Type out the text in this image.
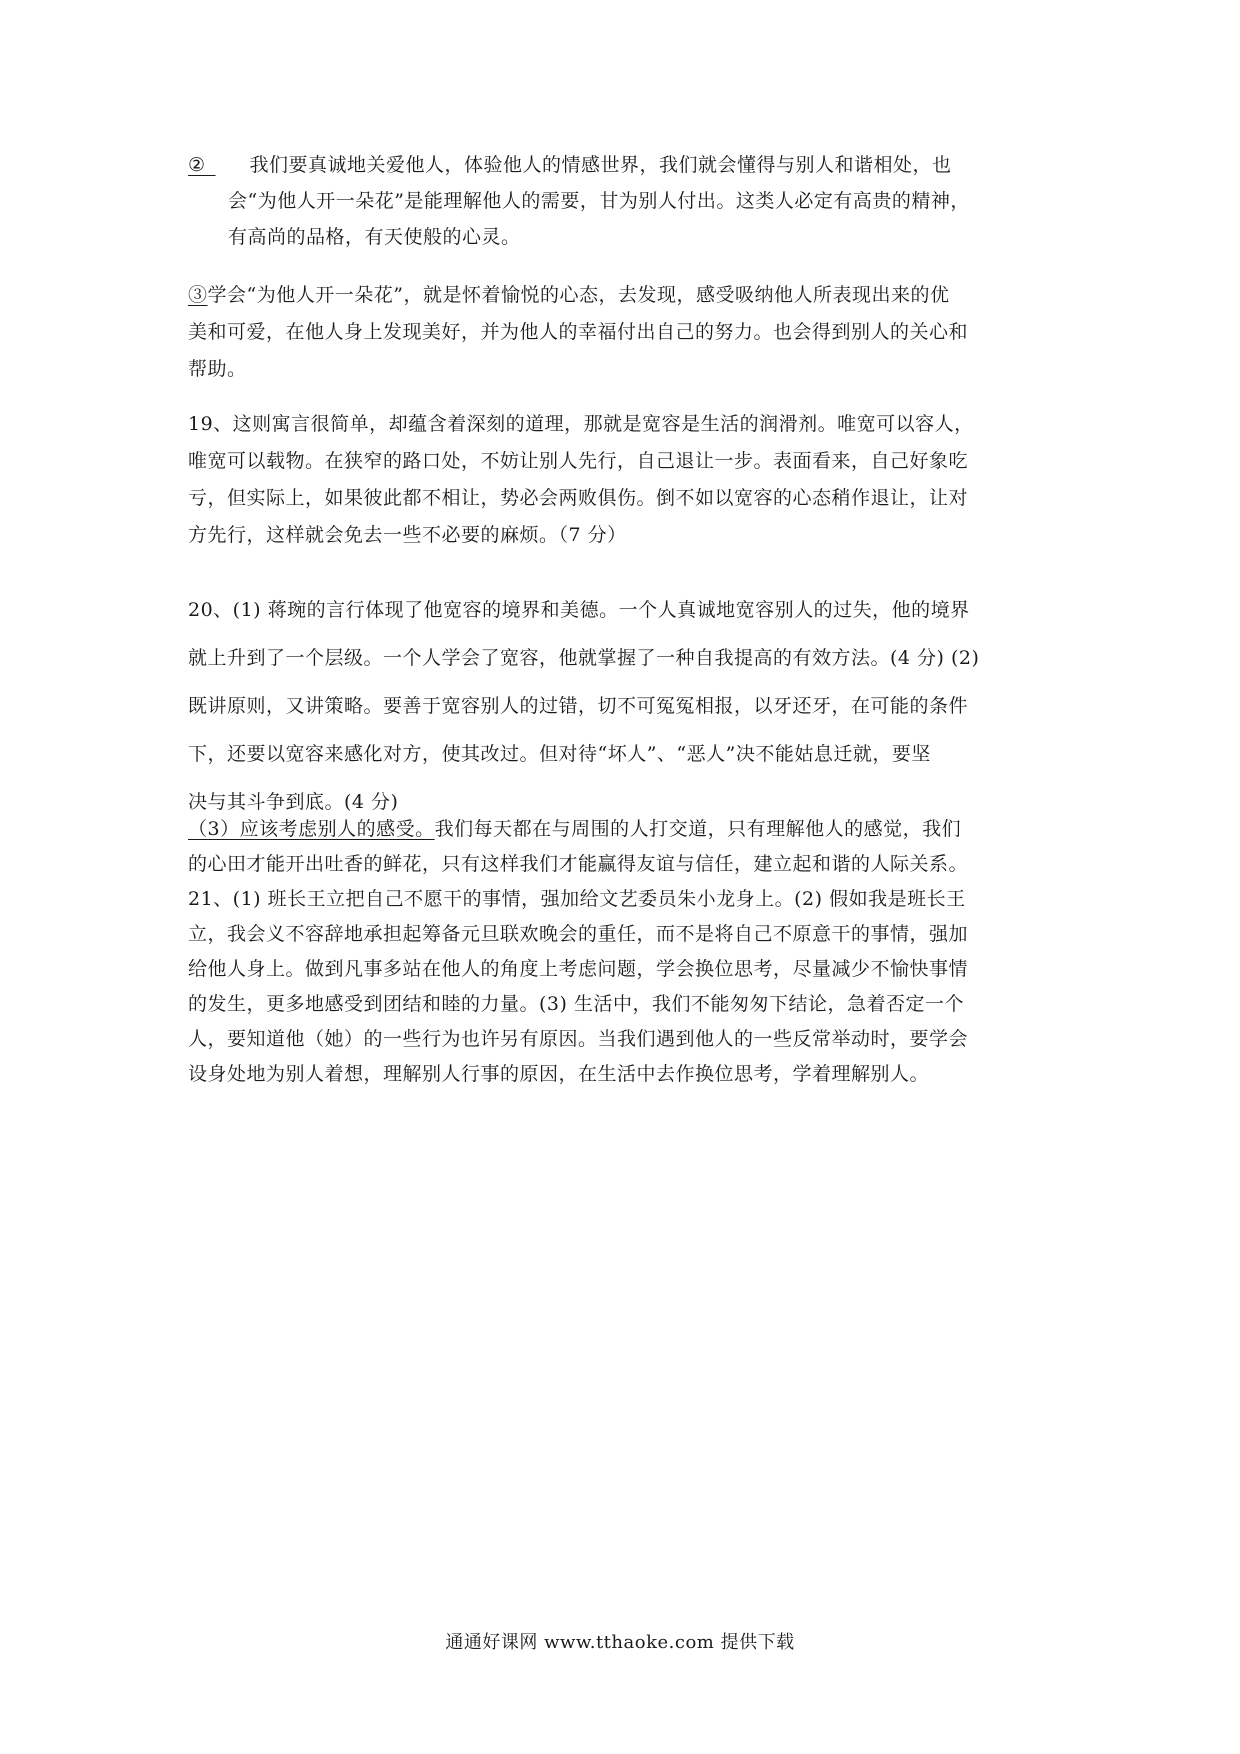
②  我们要真诚地关爱他人，体验他人的情感世界，我们就会懂得与别人和谐相处，也
会“为他人开一朵花”是能理解他人的需要，甘为别人付出。这类人必定有高贵的精神，
有高尚的品格，有天使般的心灵。
③学会“为他人开一朵花”，就是怀着愉悦的心态，去发现，感受吸纳他人所表现出来的优
美和可爱，在他人身上发现美好，并为他人的幸福付出自己的努力。也会得到别人的关心和
帮助。
19、这则寓言很简单，却蕴含着深刻的道理，那就是宽容是生活的润滑剂。唯宽可以容人，
唯宽可以载物。在狭窄的路口处，不妨让别人先行，自己退让一步。表面看来，自己好象吃
亏，但实际上，如果彼此都不相让，势必会两败俱伤。倒不如以宽容的心态稍作退让，让对
方先行，这样就会免去一些不必要的麻烦。（7 分）
20、(1) 蒋琬的言行体现了他宽容的境界和美德。一个人真诚地宽容别人的过失，他的境界
就上升到了一个层级。一个人学会了宽容，他就掌握了一种自我提高的有效方法。(4 分) (2)
既讲原则，又讲策略。要善于宽容别人的过错，切不可冤冤相报，以牙还牙，在可能的条件
下，还要以宽容来感化对方，使其改过。但对待“坏人”、“恶人”决不能姑息迁就，要坚
决与其斗争到底。(4 分)
（3）应该考虑别人的感受。我们每天都在与周围的人打交道，只有理解他人的感觉，我们
的心田才能开出吐香的鲜花，只有这样我们才能赢得友谊与信任，建立起和谐的人际关系。
21、(1) 班长王立把自己不愿干的事情，强加给文艺委员朱小龙身上。(2) 假如我是班长王
立，我会义不容辞地承担起筹备元旦联欢晚会的重任，而不是将自己不原意干的事情，强加
给他人身上。做到凡事多站在他人的角度上考虑问题，学会换位思考，尽量减少不愉快事情
的发生，更多地感受到团结和睦的力量。(3) 生活中，我们不能匆匆下结论，急着否定一个
人，要知道他（她）的一些行为也许另有原因。当我们遇到他人的一些反常举动时，要学会
设身处地为别人着想，理解别人行事的原因，在生活中去作换位思考，学着理解别人。
通通好课网 www.tthaoke.com 提供下载
